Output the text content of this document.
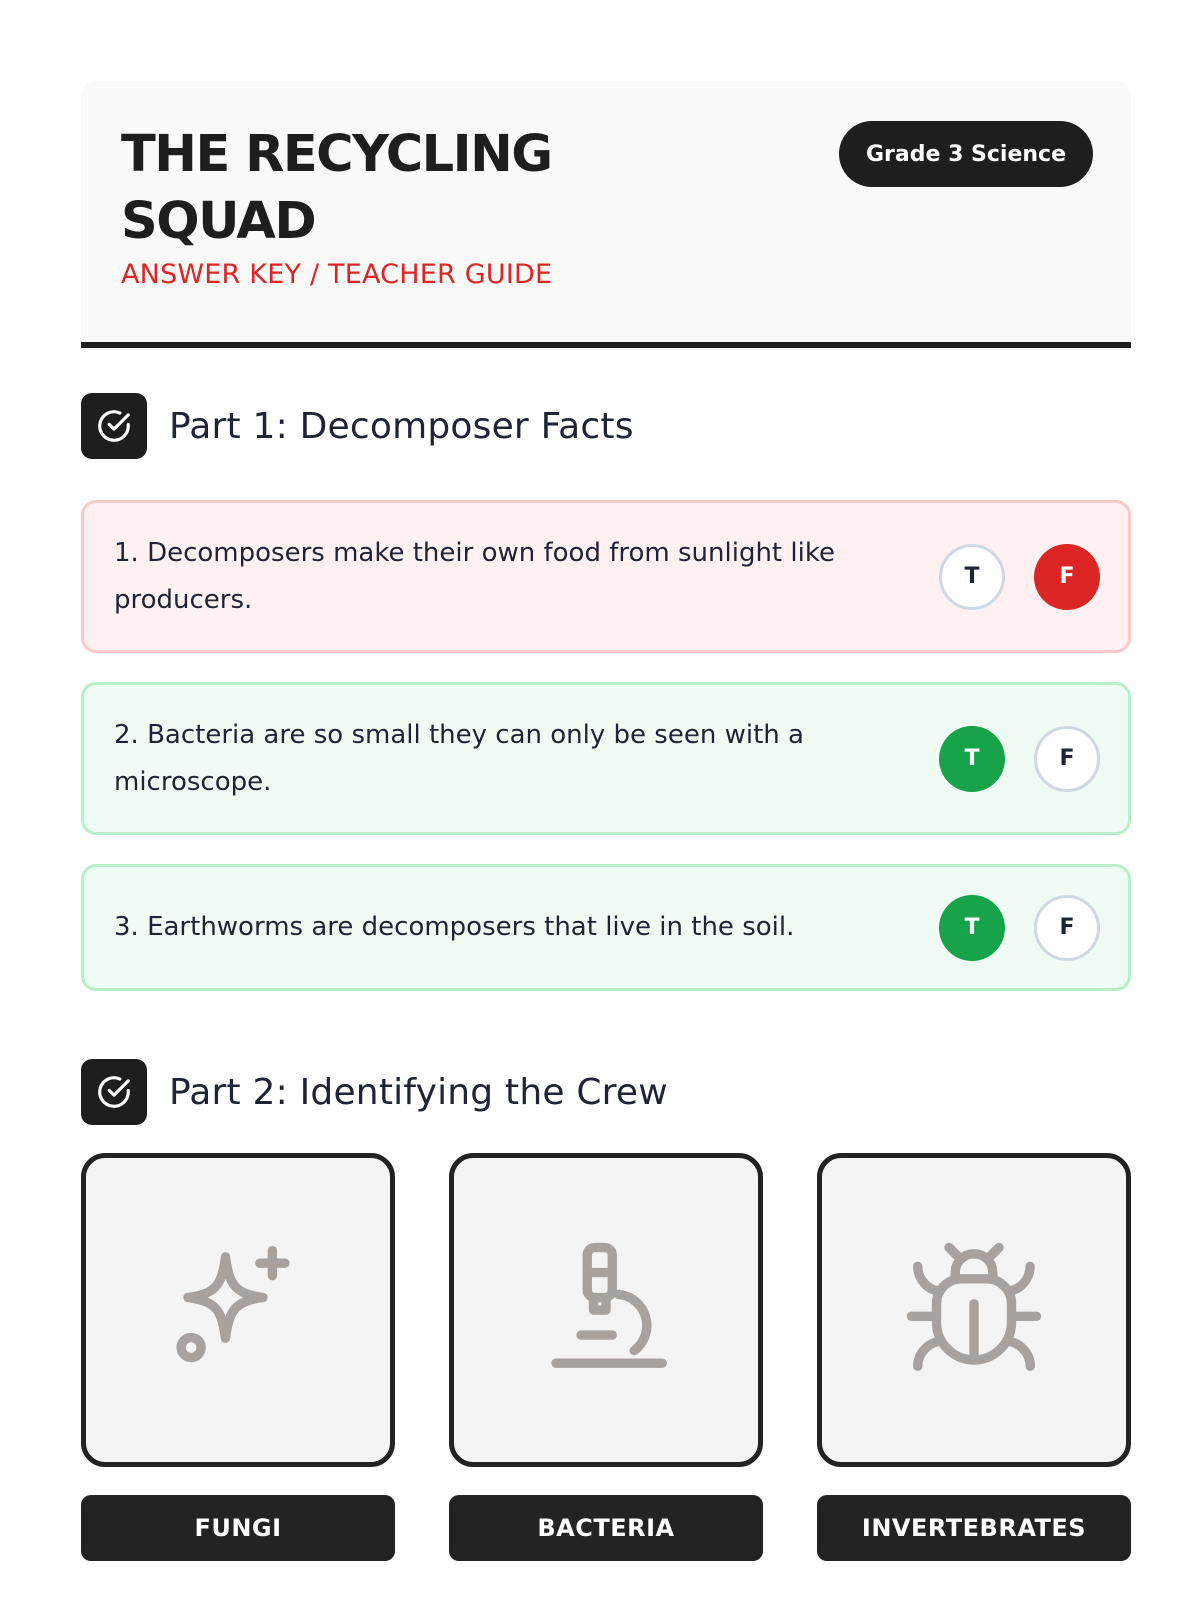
THE RECYCLING SQUAD
ANSWER KEY / TEACHER GUIDE
Grade 3 Science
Part 1: Decomposer Facts
1. Decomposers make their own food from sunlight like producers.
T	F
2. Bacteria are so small they can only be seen with a microscope.
T	F
3. Earthworms are decomposers that live in the soil.	T	F
Part 2: Identifying the Crew
FUNGI	BACTERIA	INVERTEBRATES
